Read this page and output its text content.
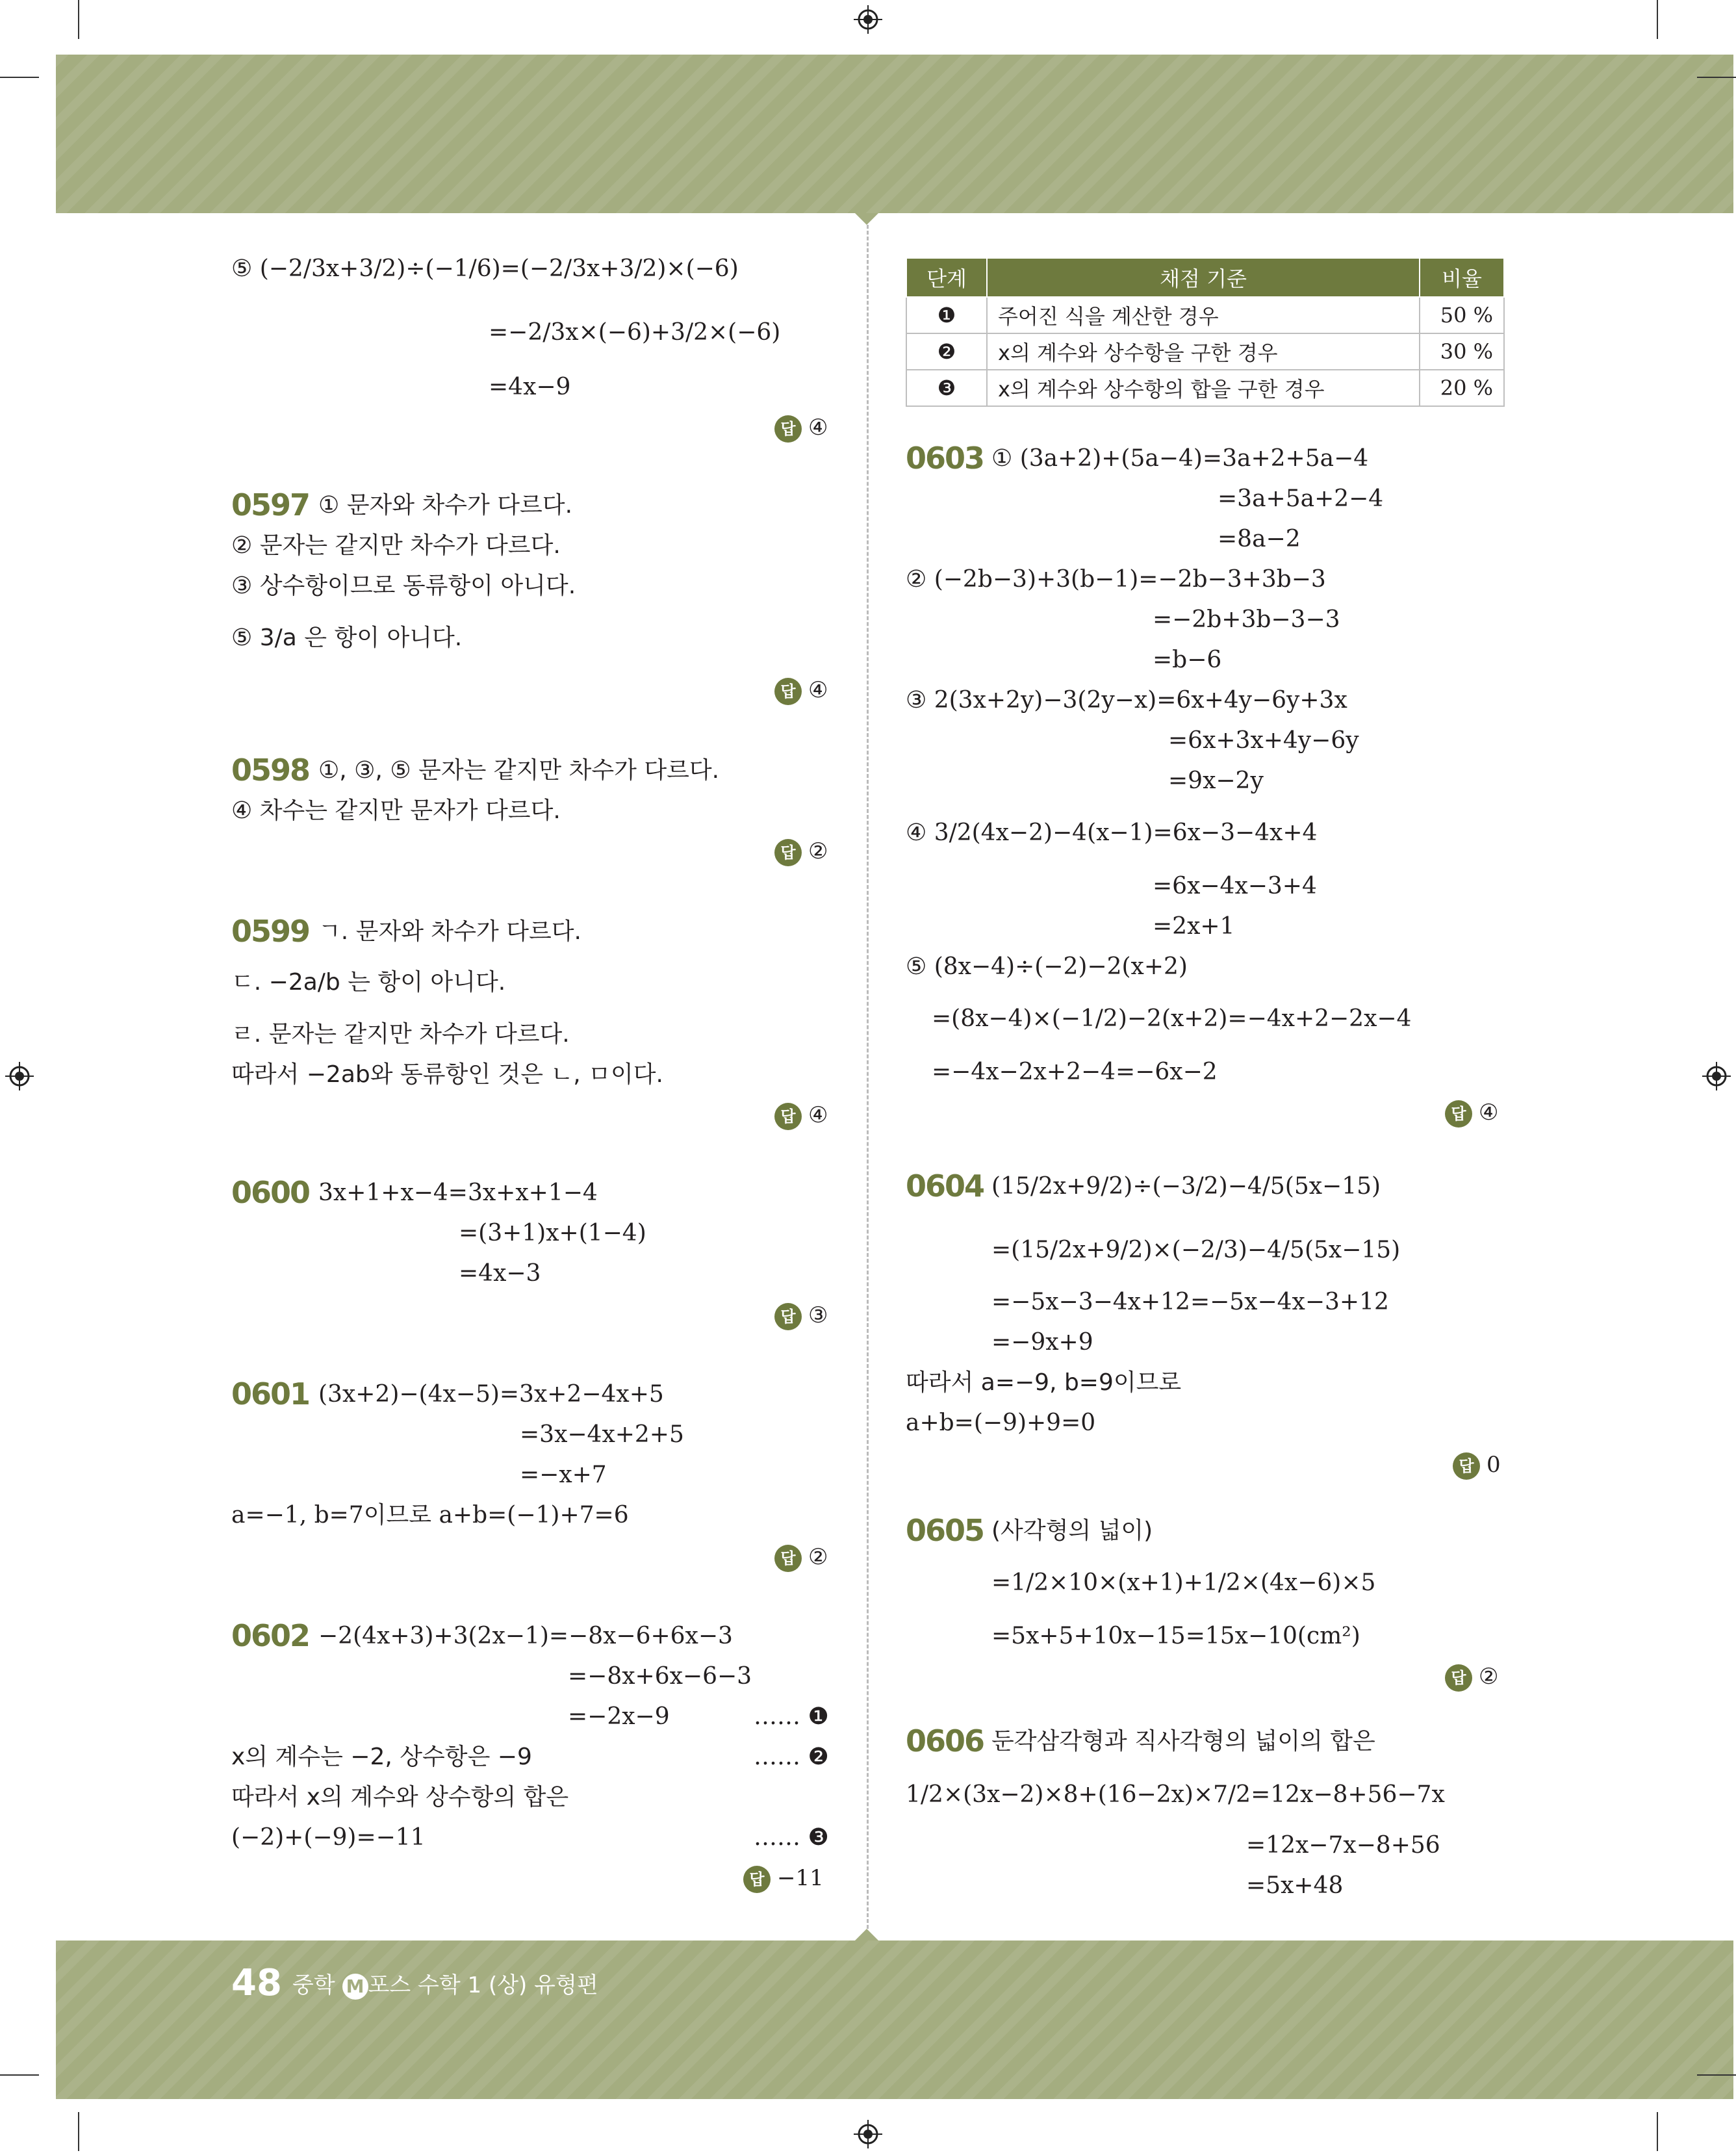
⑤ (−2/3x+3/2)÷(−1/6)=(−2/3x+3/2)×(−6)
=−2/3x×(−6)+3/2×(−6)
=4x−9
답 ④
0597 ① 문자와 차수가 다르다.
② 문자는 같지만 차수가 다르다.
③ 상수항이므로 동류항이 아니다.
⑤ 3/a 은 항이 아니다.
답 ④
0598 ①, ③, ⑤ 문자는 같지만 차수가 다르다.
④ 차수는 같지만 문자가 다르다.
답 ②
0599 ㄱ. 문자와 차수가 다르다.
ㄷ. −2a/b 는 항이 아니다.
ㄹ. 문자는 같지만 차수가 다르다.
따라서 −2ab와 동류항인 것은 ㄴ, ㅁ이다.
답 ④
0600 3x+1+x−4=3x+x+1−4
=(3+1)x+(1−4)
=4x−3
답 ③
0601 (3x+2)−(4x−5)=3x+2−4x+5
=3x−4x+2+5
=−x+7
a=−1, b=7이므로 a+b=(−1)+7=6
답 ②
0602 −2(4x+3)+3(2x−1)=−8x−6+6x−3
=−8x+6x−6−3
=−2x−9	…… ❶
x의 계수는 −2, 상수항은 −9	…… ❷
따라서 x의 계수와 상수항의 합은
(−2)+(−9)=−11	…… ❸
답 −11
단계	채점 기준	비율
❶	주어진 식을 계산한 경우	50 %
❷	x의 계수와 상수항을 구한 경우	30 %
❸	x의 계수와 상수항의 합을 구한 경우	20 %
0603 ① (3a+2)+(5a−4)=3a+2+5a−4
=3a+5a+2−4
=8a−2
② (−2b−3)+3(b−1)=−2b−3+3b−3
=−2b+3b−3−3
=b−6
③ 2(3x+2y)−3(2y−x)=6x+4y−6y+3x
=6x+3x+4y−6y
=9x−2y
④ 3/2(4x−2)−4(x−1)=6x−3−4x+4
=6x−4x−3+4
=2x+1
⑤ (8x−4)÷(−2)−2(x+2)
=(8x−4)×(−1/2)−2(x+2)=−4x+2−2x−4
=−4x−2x+2−4=−6x−2
답 ④
0604 (15/2x+9/2)÷(−3/2)−4/5(5x−15)
=(15/2x+9/2)×(−2/3)−4/5(5x−15)
=−5x−3−4x+12=−5x−4x−3+12
=−9x+9
따라서 a=−9, b=9이므로
a+b=(−9)+9=0
답 0
0605 (사각형의 넓이)
=1/2×10×(x+1)+1/2×(4x−6)×5
=5x+5+10x−15=15x−10(cm²)
답 ②
0606 둔각삼각형과 직사각형의 넓이의 합은
1/2×(3x−2)×8+(16−2x)×7/2=12x−8+56−7x
=12x−7x−8+56
=5x+48
48 중학 M 포스 수학 1 (상) 유형편
